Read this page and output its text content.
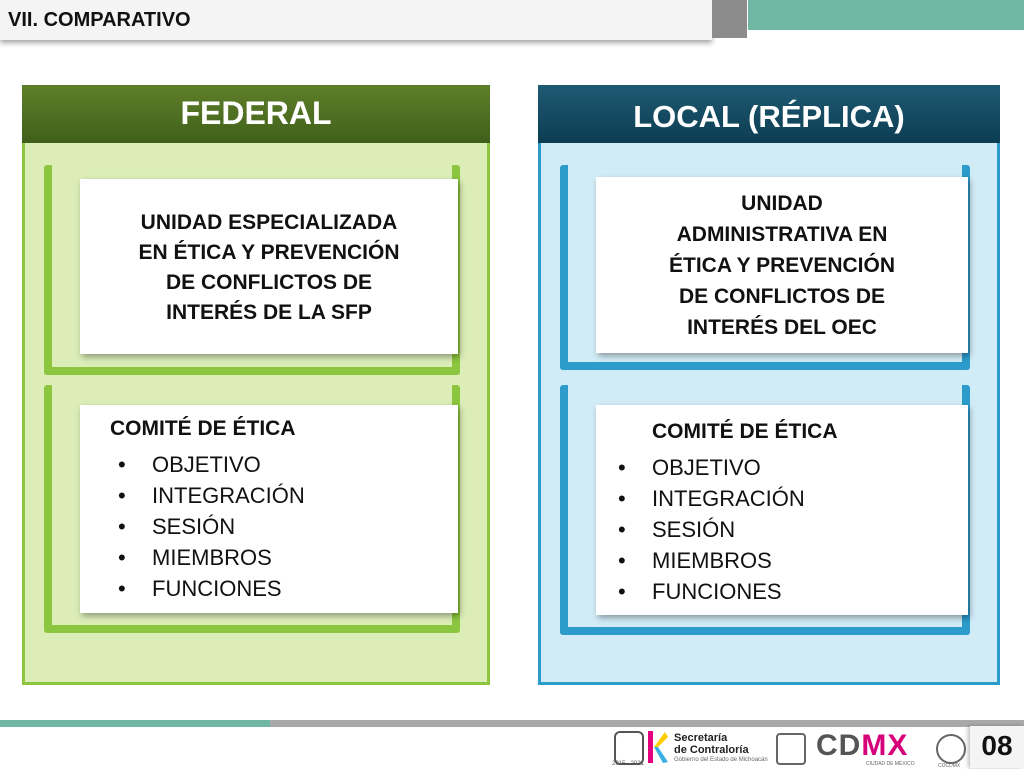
VII. COMPARATIVO
FEDERAL
UNIDAD ESPECIALIZADA
EN ÉTICA Y PREVENCIÓN
DE CONFLICTOS DE
INTERÉS DE LA SFP
COMITÉ DE ÉTICA
• OBJETIVO
• INTEGRACIÓN
• SESIÓN
• MIEMBROS
• FUNCIONES
LOCAL (RÉPLICA)
UNIDAD
ADMINISTRATIVA EN
ÉTICA Y PREVENCIÓN
DE CONFLICTOS DE
INTERÉS DEL OEC
COMITÉ DE ÉTICA
• OBJETIVO
• INTEGRACIÓN
• SESIÓN
• MIEMBROS
• FUNCIONES
2015 - 2021
Secretaría
de Contraloría
Gobierno del Estado de Michoacán CDMX
CIUDAD DE MÉXICO	COCDMX
08
